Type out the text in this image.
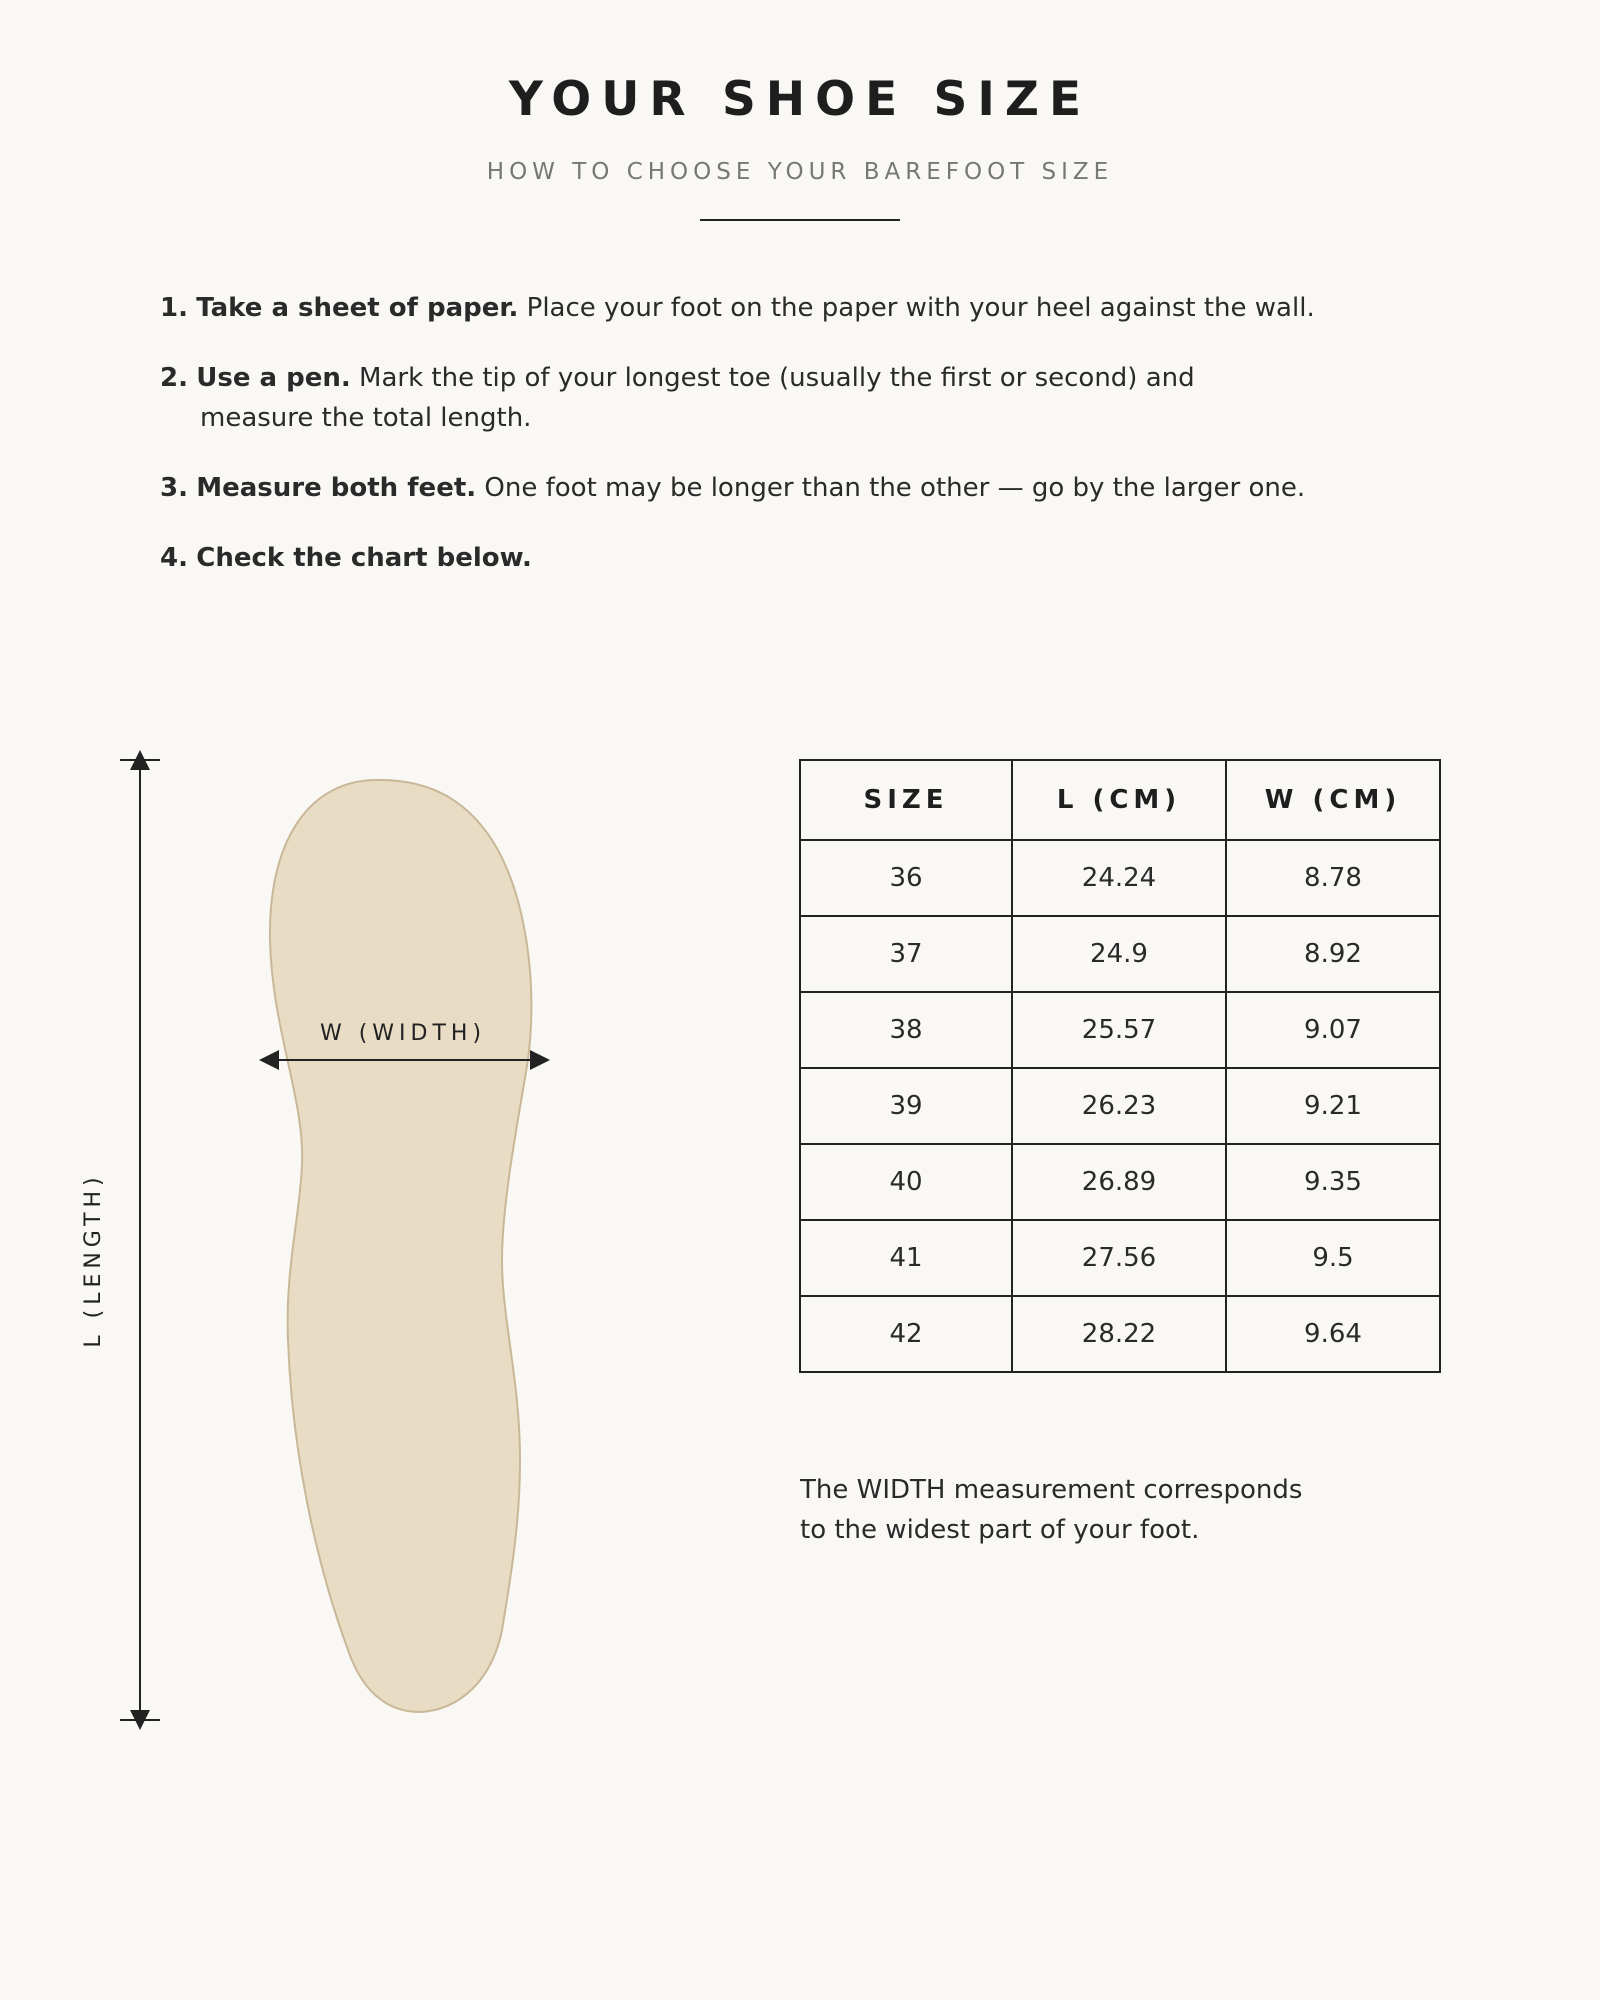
YOUR SHOE SIZE

HOW TO CHOOSE YOUR BAREFOOT SIZE

1. Take a sheet of paper. Place your foot on the paper with your heel against the wall.
2. Use a pen. Mark the tip of your longest toe (usually the first or second) and
measure the total length.
3. Measure both feet. One foot may be longer than the other — go by the larger one.
4. Check the chart below.
L (LENGTH)
W (WIDTH)
SIZE	L (CM)	W (CM)
36	24.24	8.78
37	24.9	8.92
38	25.57	9.07
39	26.23	9.21
40	26.89	9.35
41	27.56	9.5
42	28.22	9.64

The WIDTH measurement corresponds
to the widest part of your foot.
